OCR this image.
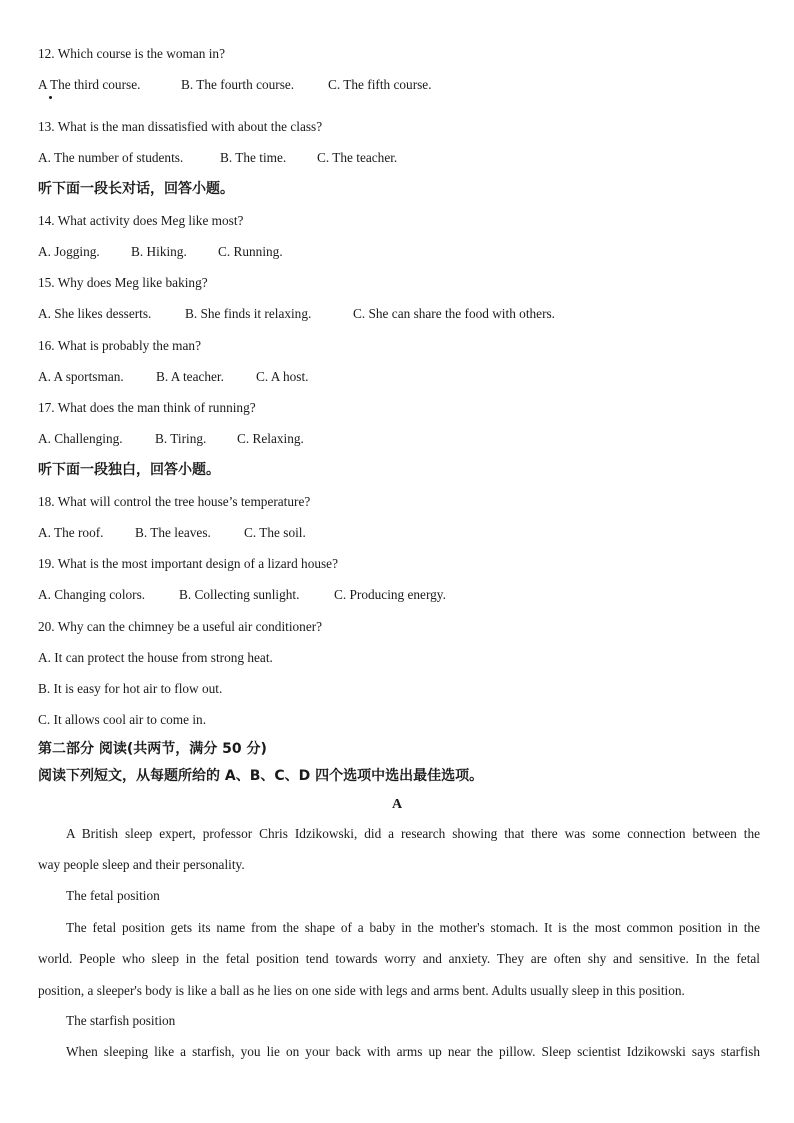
12. Which course is the woman in?
A The third course.	B. The fourth course.	C. The fifth course.
13. What is the man dissatisfied with about the class?
A. The number of students.	B. The time. C. The teacher.
听下面一段长对话，回答小题。
14. What activity does Meg like most?
A. Jogging. B. Hiking. C. Running.
15. Why does Meg like baking?
A. She likes desserts.	B. She finds it relaxing.	C. She can share the food with others.
16. What is probably the man?
A. A sportsman. B. A teacher. C. A host.
17. What does the man think of running?
A. Challenging. B. Tiring. C. Relaxing.
听下面一段独白，回答小题。
18. What will control the tree house’s temperature?
A. The roof. B. The leaves. C. The soil.
19. What is the most important design of a lizard house?
A. Changing colors.	B. Collecting sunlight.	C. Producing energy.
20. Why can the chimney be a useful air conditioner?
A. It can protect the house from strong heat.
B. It is easy for hot air to flow out.
C. It allows cool air to come in.
第二部分 阅读(共两节，满分 50 分)
阅读下列短文，从每题所给的 A、B、C、D 四个选项中选出最佳选项。
A
A British sleep expert, professor Chris Idzikowski, did a research showing that there was some connection between the
way people sleep and their personality.
The fetal position
The fetal position gets its name from the shape of a baby in the mother's stomach. It is the most common position in the
world. People who sleep in the fetal position tend towards worry and anxiety. They are often shy and sensitive. In the fetal
position, a sleeper's body is like a ball as he lies on one side with legs and arms bent. Adults usually sleep in this position.
The starfish position
When sleeping like a starfish, you lie on your back with arms up near the pillow. Sleep scientist Idzikowski says starfish
